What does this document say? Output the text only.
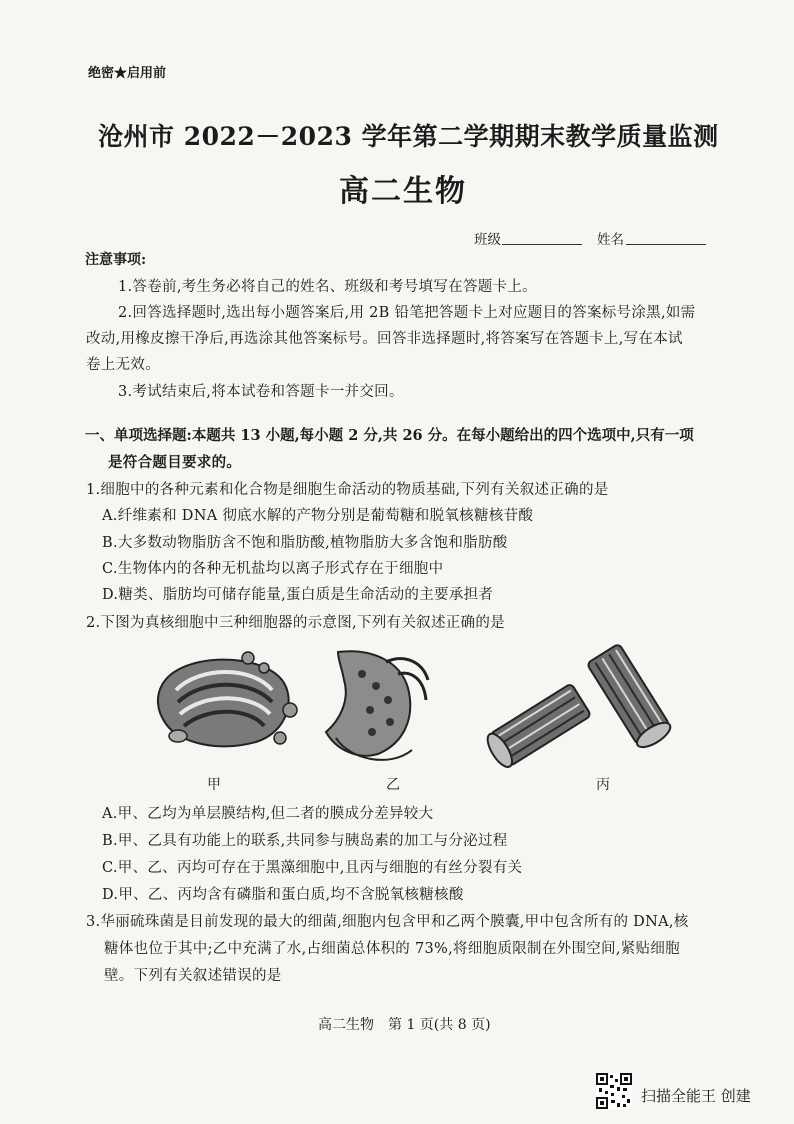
绝密★启用前
沧州市 2022－2023 学年第二学期期末教学质量监测
高二生物
班级	姓名
注意事项:
1.答卷前,考生务必将自己的姓名、班级和考号填写在答题卡上。
2.回答选择题时,选出每小题答案后,用 2B 铅笔把答题卡上对应题目的答案标号涂黑,如需
改动,用橡皮擦干净后,再选涂其他答案标号。回答非选择题时,将答案写在答题卡上,写在本试
卷上无效。
3.考试结束后,将本试卷和答题卡一并交回。
一、单项选择题:本题共 13 小题,每小题 2 分,共 26 分。在每小题给出的四个选项中,只有一项
是符合题目要求的。
1.细胞中的各种元素和化合物是细胞生命活动的物质基础,下列有关叙述正确的是
A.纤维素和 DNA 彻底水解的产物分别是葡萄糖和脱氧核糖核苷酸
B.大多数动物脂肪含不饱和脂肪酸,植物脂肪大多含饱和脂肪酸
C.生物体内的各种无机盐均以离子形式存在于细胞中
D.糖类、脂肪均可储存能量,蛋白质是生命活动的主要承担者
2.下图为真核细胞中三种细胞器的示意图,下列有关叙述正确的是
甲	乙	丙
A.甲、乙均为单层膜结构,但二者的膜成分差异较大
B.甲、乙具有功能上的联系,共同参与胰岛素的加工与分泌过程
C.甲、乙、丙均可存在于黑藻细胞中,且丙与细胞的有丝分裂有关
D.甲、乙、丙均含有磷脂和蛋白质,均不含脱氧核糖核酸
3.华丽硫珠菌是目前发现的最大的细菌,细胞内包含甲和乙两个膜囊,甲中包含所有的 DNA,核
糖体也位于其中;乙中充满了水,占细菌总体积的 73%,将细胞质限制在外围空间,紧贴细胞
壁。下列有关叙述错误的是
高二生物　第 1 页(共 8 页)
扫描全能王 创建
